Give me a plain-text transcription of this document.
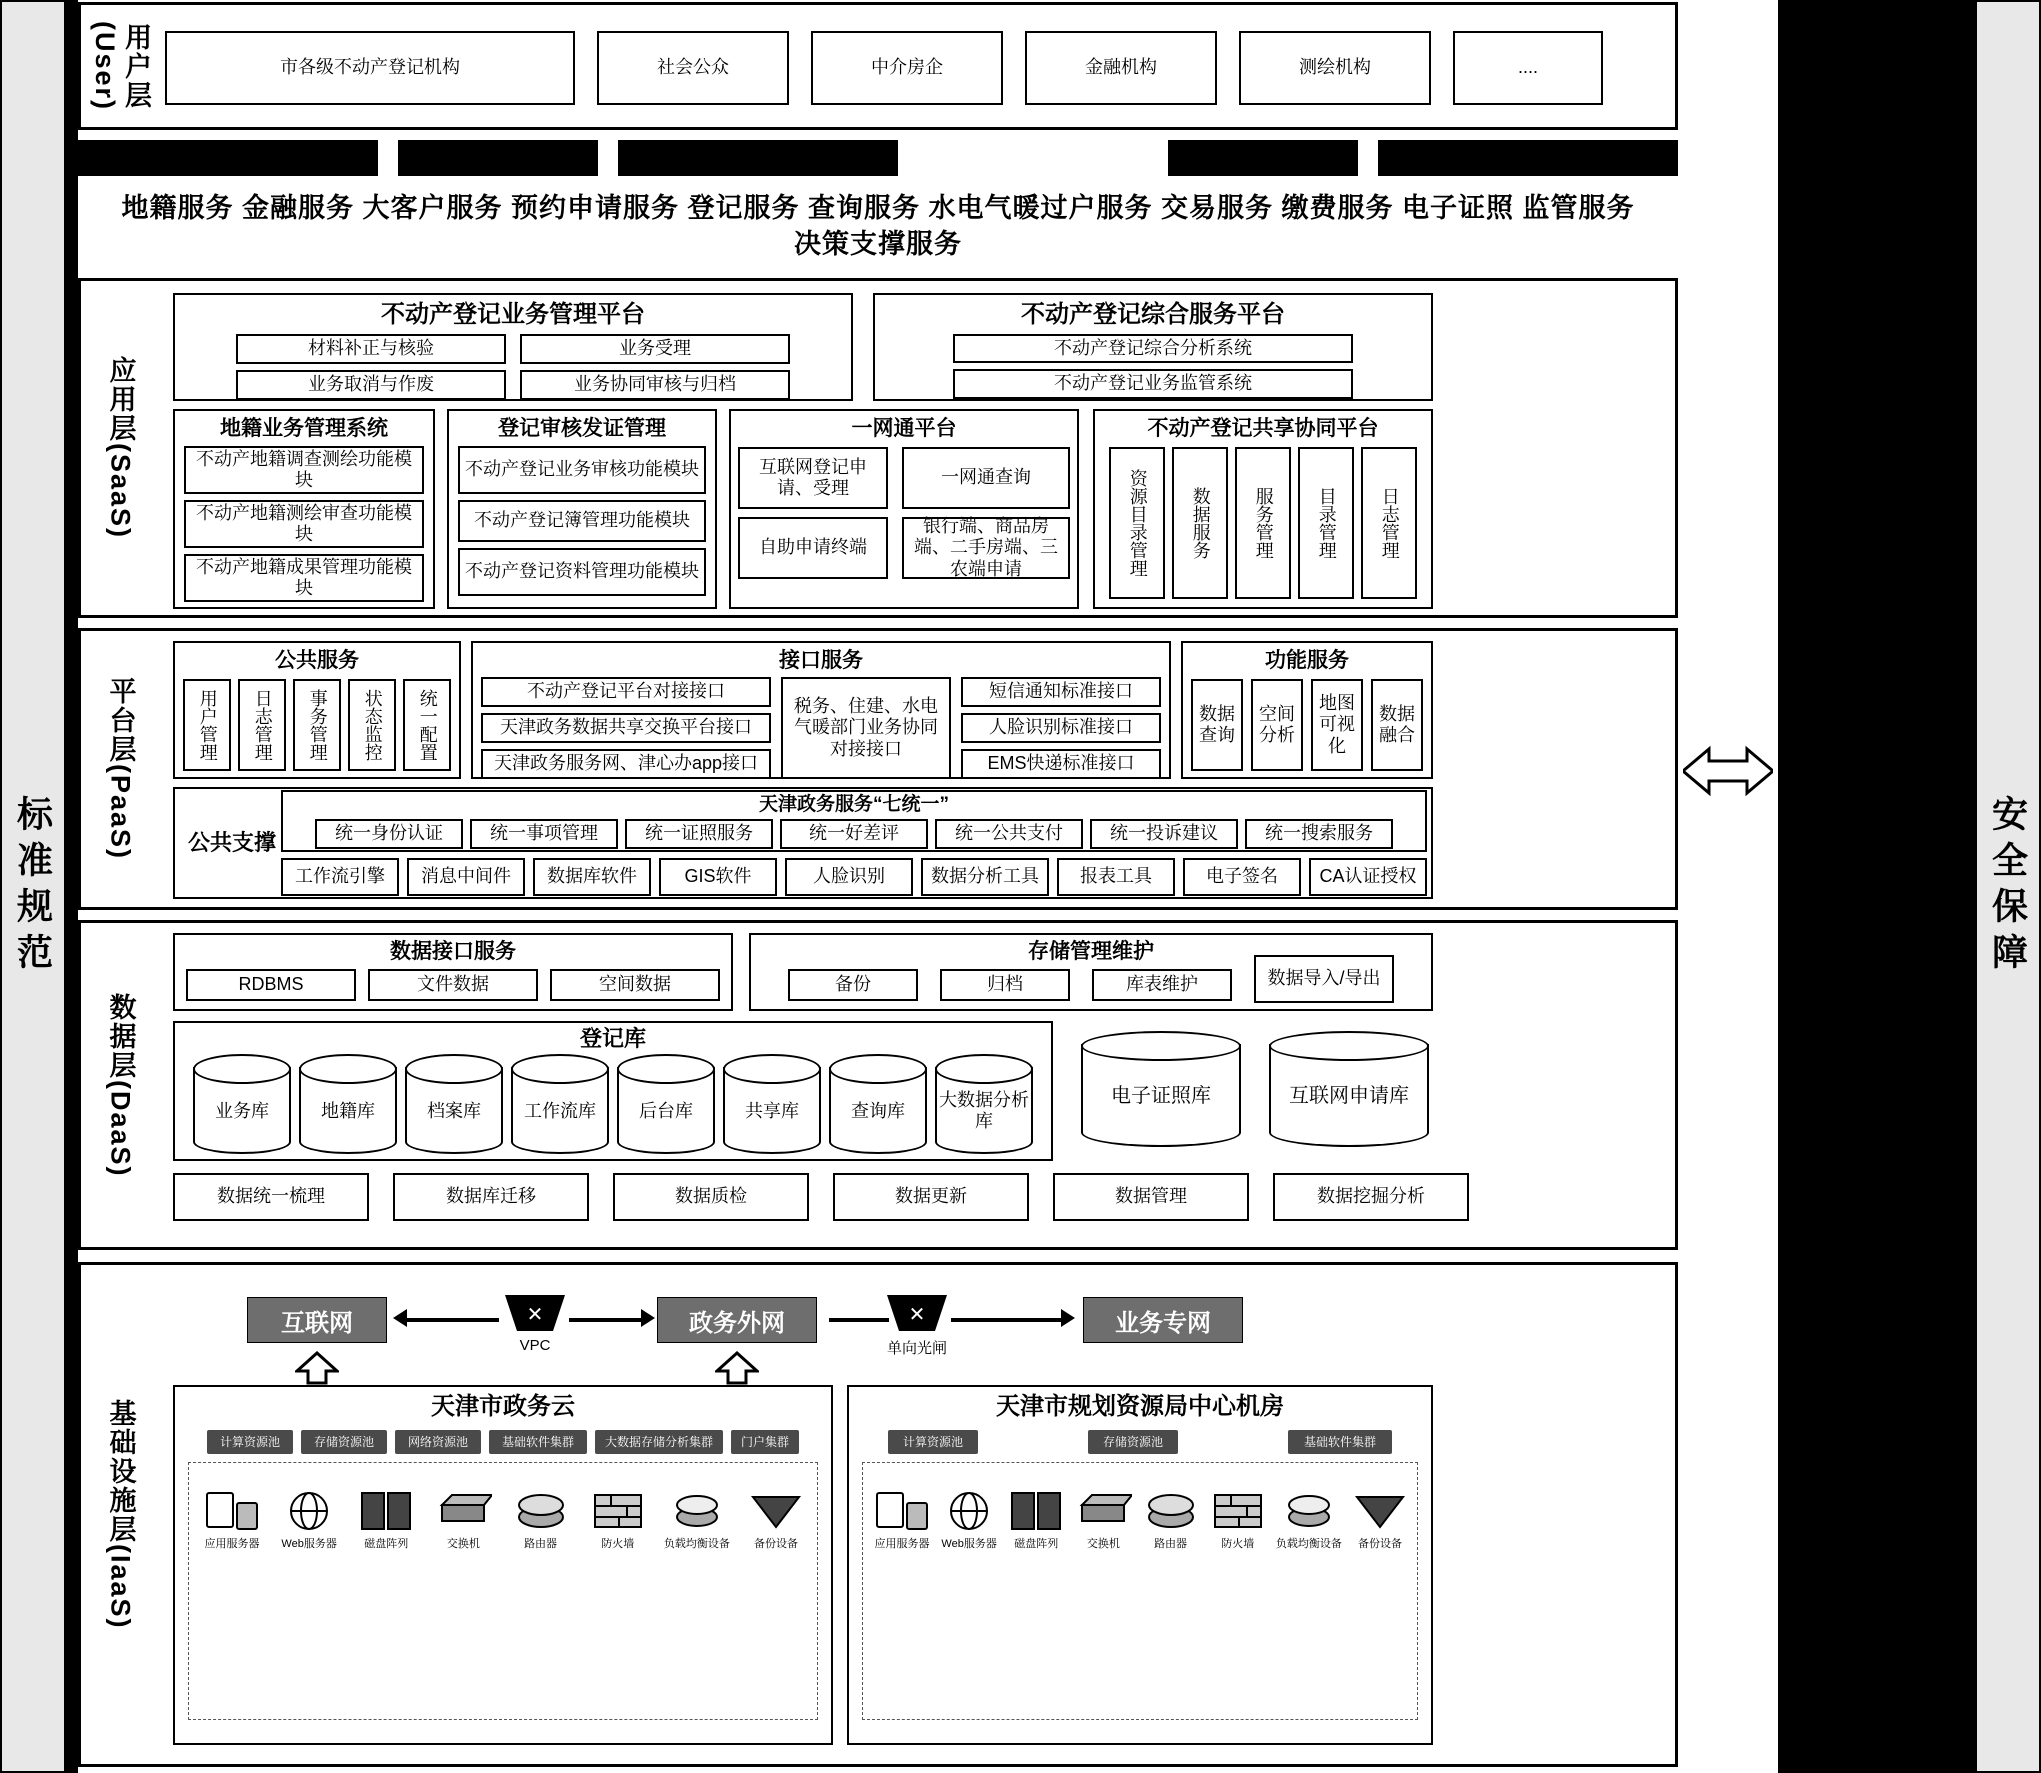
标准规范	安全保障
用户层(User)	市各级不动产登记机构	社会公众	中介房企	金融机构	测绘机构	....
地籍服务 金融服务 大客户服务 预约申请服务 登记服务 查询服务 水电气暖过户服务 交易服务 缴费服务 电子证照 监管服务
决策支撑服务
应用层(SaaS)
不动产登记业务管理平台
材料补正与核验	业务受理
业务取消与作废	业务协同审核与归档
不动产登记综合服务平台
不动产登记综合分析系统
不动产登记业务监管系统
地籍业务管理系统
不动产地籍调查测绘功能模块
不动产地籍测绘审查功能模块
不动产地籍成果管理功能模块
登记审核发证管理
不动产登记业务审核功能模块
不动产登记簿管理功能模块
不动产登记资料管理功能模块
一网通平台
互联网登记申请、受理
自助申请终端
一网通查询
银行端、商品房端、二手房端、三农端申请
不动产登记共享协同平台
资源目录管理	数据服务	服务管理	目录管理	日志管理
平台层(PaaS)
公共服务
用户管理	日志管理	事务管理	状态监控	统一配置
接口服务
不动产登记平台对接接口
天津政务数据共享交换平台接口
天津政务服务网、津心办app接口
税务、住建、水电气暖部门业务协同对接接口
短信通知标准接口
人脸识别标准接口
EMS快递标准接口
功能服务
数据查询
空间分析
地图可视化
数据融合
公共支撑
天津政务服务“七统一”
统一身份认证	统一事项管理	统一证照服务	统一好差评	统一公共支付	统一投诉建议	统一搜索服务
工作流引擎	消息中间件	数据库软件	GIS软件	人脸识别	数据分析工具	报表工具	电子签名	CA认证授权
数据层(DaaS)
数据接口服务
RDBMS	文件数据	空间数据
存储管理维护
备份	归档	库表维护	数据导入/导出
登记库
业务库	地籍库	档案库	工作流库	后台库	共享库	查询库
大数据分析库
电子证照库	互联网申请库
数据统一梳理	数据库迁移	数据质检	数据更新	数据管理	数据挖掘分析
基础设施层(IaaS)
互联网	政务外网	业务专网
✕
VPC
✕
单向光闸
天津市政务云
计算资源池	存储资源池	网络资源池	基础软件集群	大数据存储分析集群	门户集群
应用服务器	Web服务器	磁盘阵列	交换机	路由器	防火墙	负载均衡设备	备份设备
天津市规划资源局中心机房
计算资源池	存储资源池	基础软件集群
应用服务器	Web服务器	磁盘阵列	交换机	路由器	防火墙	负载均衡设备	备份设备
